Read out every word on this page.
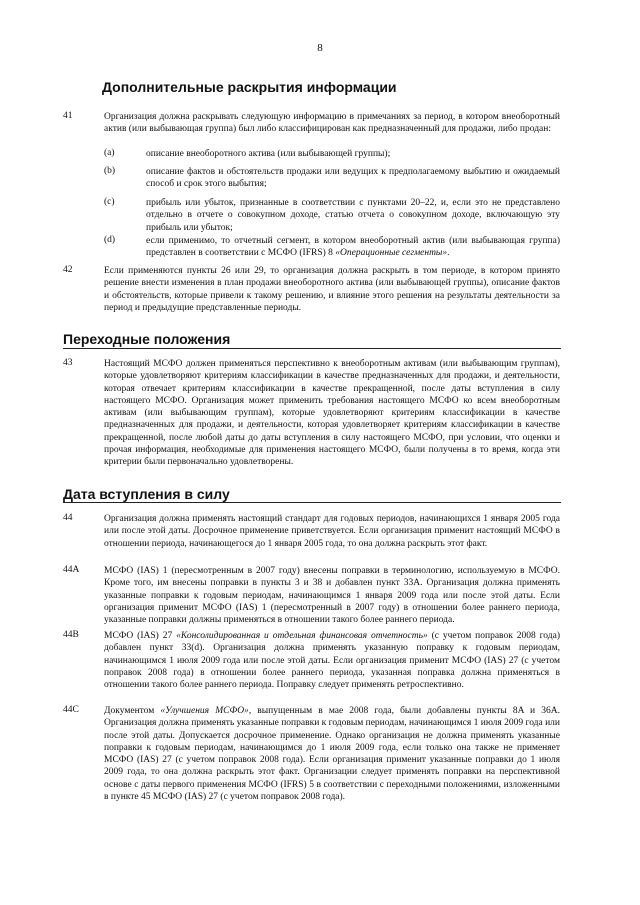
8
Дополнительные раскрытия информации
41	Организация должна раскрывать следующую информацию в примечаниях за период, в котором внеоборотный актив (или выбывающая группа) был либо классифицирован как предназначенный для продажи, либо продан:
(a)	описание внеоборотного актива (или выбывающей группы);
(b)	описание фактов и обстоятельств продажи или ведущих к предполагаемому выбытию и ожидаемый способ и срок этого выбытия;
(c)	прибыль или убыток, признанные в соответствии с пунктами 20–22, и, если это не представлено отдельно в отчете о совокупном доходе, статью отчета о совокупном доходе, включающую эту прибыль или убыток;
(d)	если применимо, то отчетный сегмент, в котором внеоборотный актив (или выбывающая группа) представлен в соответствии с МСФО (IFRS) 8 «Операционные сегменты».
42	Если применяются пункты 26 или 29, то организация должна раскрыть в том периоде, в котором принято решение внести изменения в план продажи внеоборотного актива (или выбывающей группы), описание фактов и обстоятельств, которые привели к такому решению, и влияние этого решения на результаты деятельности за период и предыдущие представленные периоды.
Переходные положения
43	Настоящий МСФО должен применяться перспективно к внеоборотным активам (или выбывающим группам), которые удовлетворяют критериям классификации в качестве предназначенных для продажи, и деятельности, которая отвечает критериям классификации в качестве прекращенной, после даты вступления в силу настоящего МСФО. Организация может применить требования настоящего МСФО ко всем внеоборотным активам (или выбывающим группам), которые удовлетворяют критериям классификации в качестве предназначенных для продажи, и деятельности, которая удовлетворяет критериям классификации в качестве прекращенной, после любой даты до даты вступления в силу настоящего МСФО, при условии, что оценки и прочая информация, необходимые для применения настоящего МСФО, были получены в то время, когда эти критерии были первоначально удовлетворены.
Дата вступления в силу
44	Организация должна применять настоящий стандарт для годовых периодов, начинающихся 1 января 2005 года или после этой даты. Досрочное применение приветствуется. Если организация применит настоящий МСФО в отношении периода, начинающегося до 1 января 2005 года, то она должна раскрыть этот факт.
44A	МСФО (IAS) 1 (пересмотренным в 2007 году) внесены поправки в терминологию, используемую в МСФО. Кроме того, им внесены поправки в пункты 3 и 38 и добавлен пункт 33A. Организация должна применять указанные поправки к годовым периодам, начинающимся 1 января 2009 года или после этой даты. Если организация применит МСФО (IAS) 1 (пересмотренный в 2007 году) в отношении более раннего периода, указанные поправки должны применяться в отношении такого более раннего периода.
44B	МСФО (IAS) 27 «Консолидированная и отдельная финансовая отчетность» (с учетом поправок 2008 года) добавлен пункт 33(d). Организация должна применять указанную поправку к годовым периодам, начинающимся 1 июля 2009 года или после этой даты. Если организация применит МСФО (IAS) 27 (с учетом поправок 2008 года) в отношении более раннего периода, указанная поправка должна применяться в отношении такого более раннего периода. Поправку следует применять ретроспективно.
44C	Документом «Улучшения МСФО», выпущенным в мае 2008 года, были добавлены пункты 8A и 36A. Организация должна применять указанные поправки к годовым периодам, начинающимся 1 июля 2009 года или после этой даты. Допускается досрочное применение. Однако организация не должна применять указанные поправки к годовым периодам, начинающимся до 1 июля 2009 года, если только она также не применяет МСФО (IAS) 27 (с учетом поправок 2008 года). Если организация применит указанные поправки до 1 июля 2009 года, то она должна раскрыть этот факт. Организации следует применять поправки на перспективной основе с даты первого применения МСФО (IFRS) 5 в соответствии с переходными положениями, изложенными в пункте 45 МСФО (IAS) 27 (с учетом поправок 2008 года).
